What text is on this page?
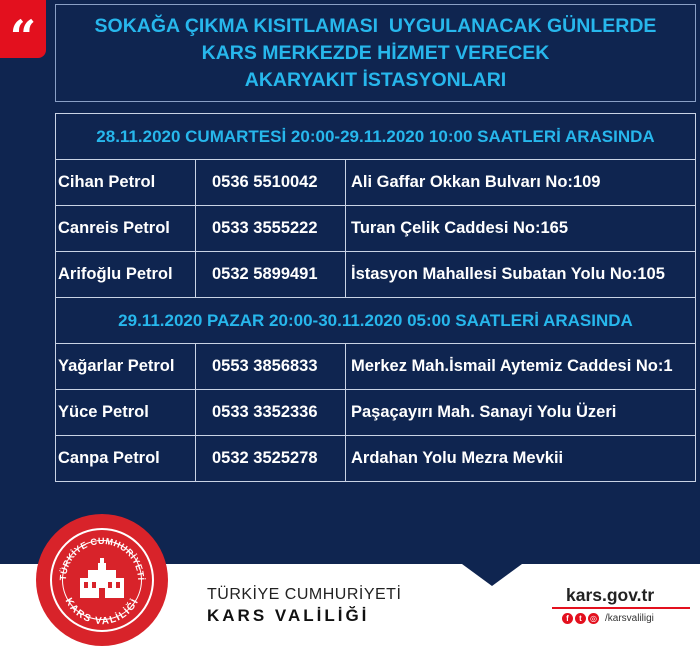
“	SOKAĞA ÇIKMA KISITLAMASI  UYGULANACAK GÜNLERDE
KARS MERKEZDE HİZMET VERECEK
AKARYAKIT İSTASYONLARI
28.11.2020 CUMARTESİ 20:00-29.11.2020 10:00 SAATLERİ ARASINDA		
Cihan Petrol	0536 5510042	Ali Gaffar Okkan Bulvarı No:109
Canreis Petrol	0533 3555222	Turan Çelik Caddesi No:165
Arifoğlu Petrol	0532 5899491	İstasyon Mahallesi Subatan Yolu No:105
29.11.2020 PAZAR 20:00-30.11.2020 05:00 SAATLERİ ARASINDA		
Yağarlar Petrol	0553 3856833	Merkez Mah.İsmail Aytemiz Caddesi No:1
Yüce Petrol	0533 3352336	Paşaçayırı Mah. Sanayi Yolu Üzeri
Canpa Petrol	0532 3525278	Ardahan Yolu Mezra Mevkii
TÜRKİYE CUMHURİYETİ
KARS VALİLİĞİ	TÜRKİYE CUMHURİYETİ
KARS VALİLİĞİ
kars.gov.tr
f	t	◎ /karsvaliligi
